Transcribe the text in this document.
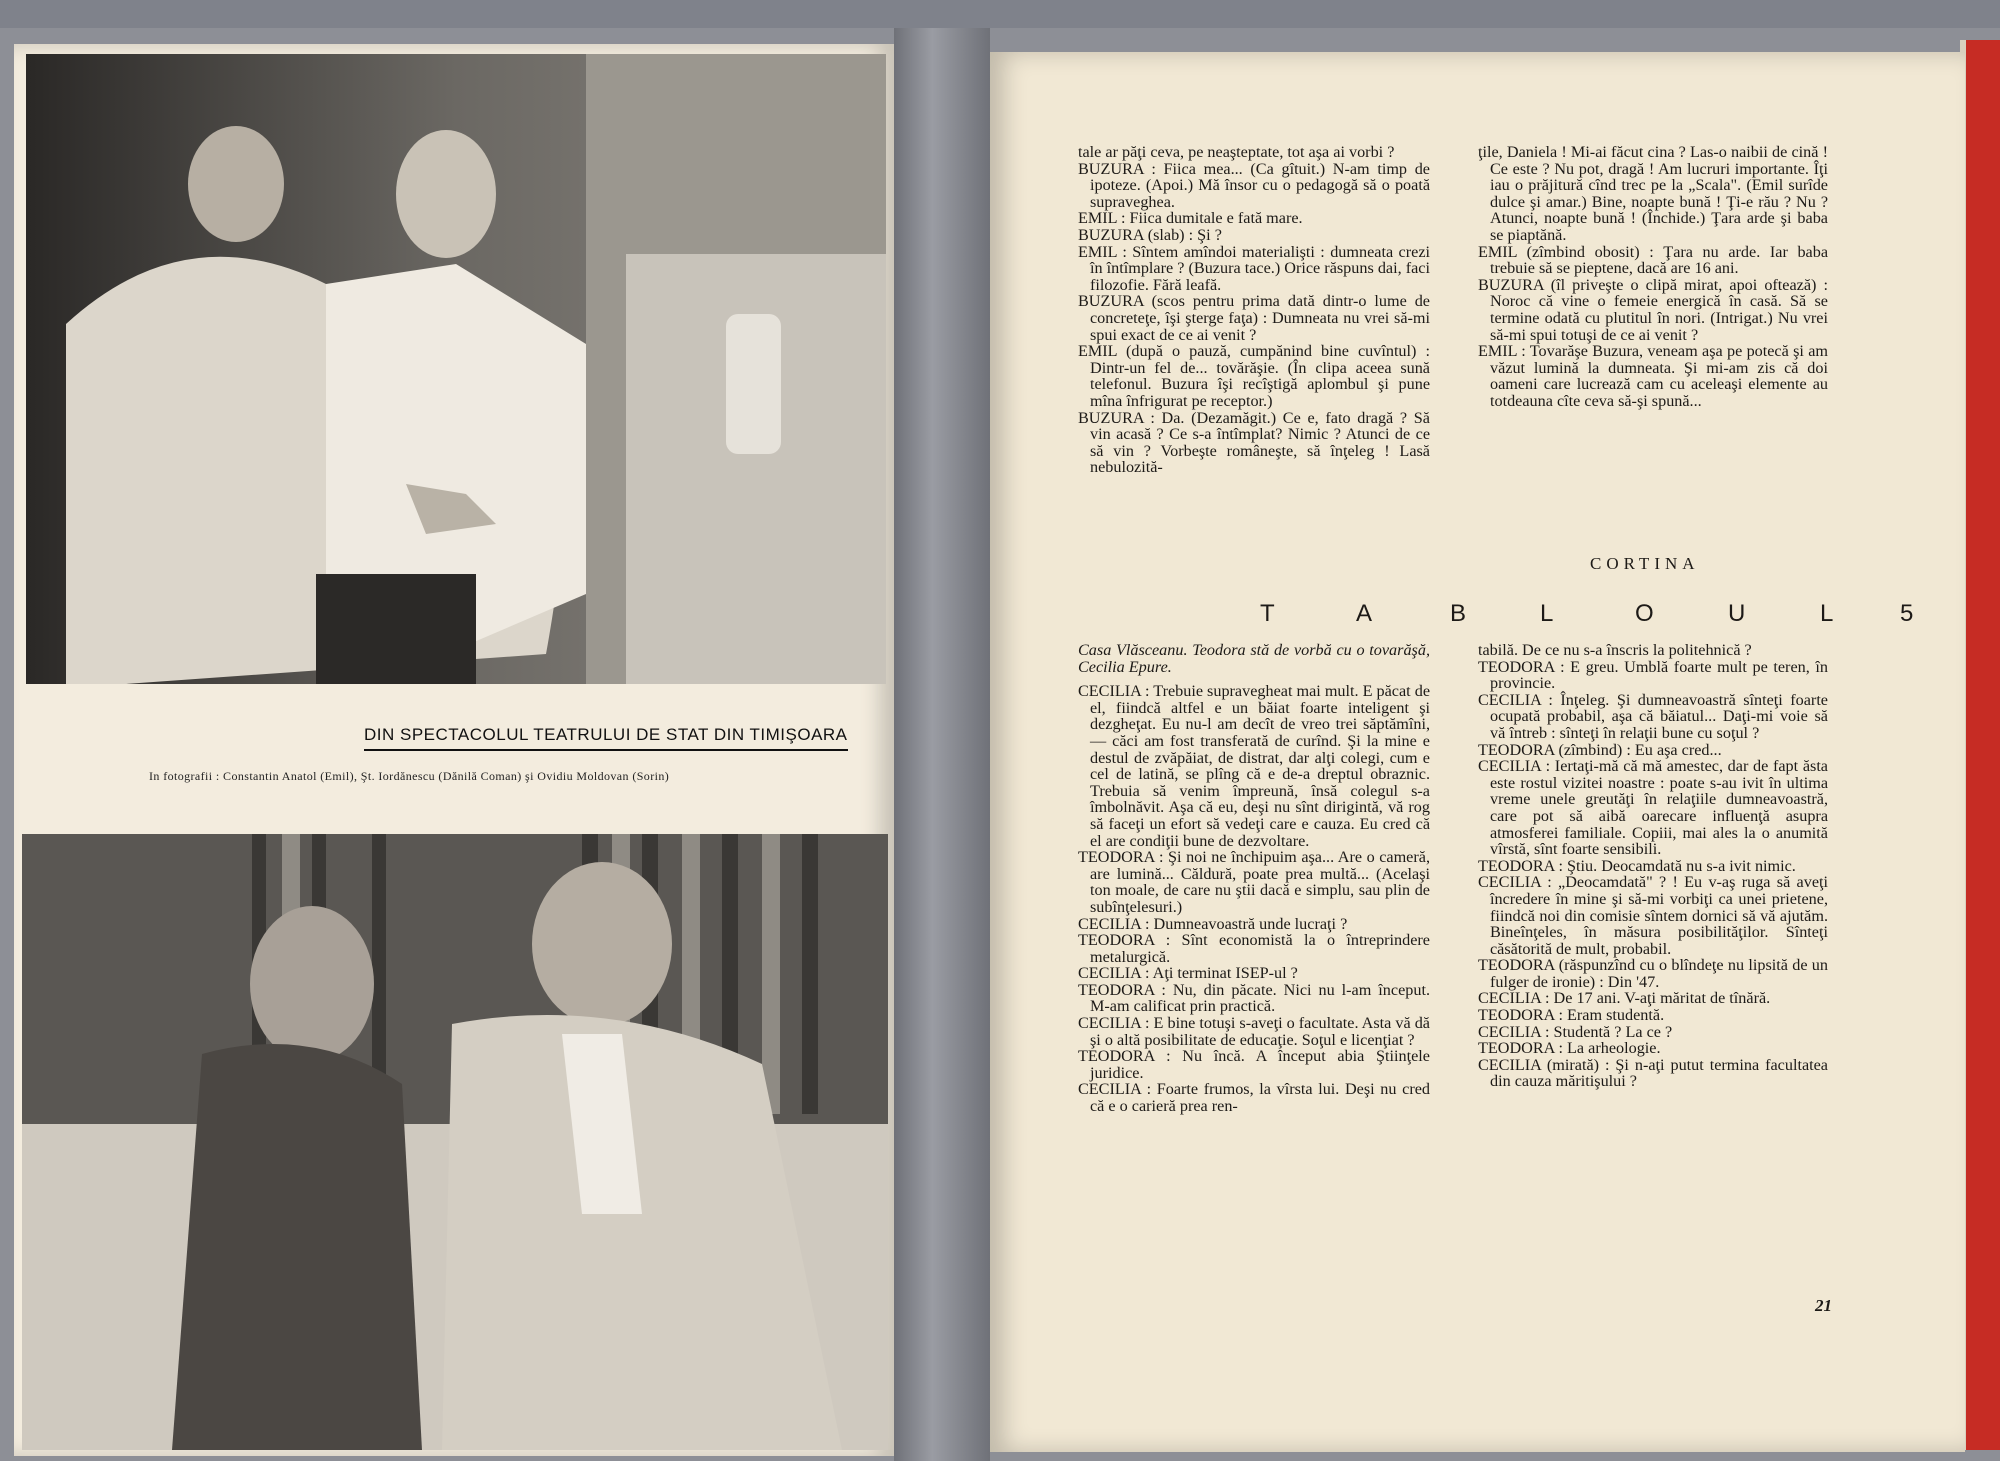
DIN SPECTACOLUL TEATRULUI DE STAT DIN TIMIŞOARA
In fotografii : Constantin Anatol (Emil), Şt. Iordănescu (Dănilă Coman) şi Ovidiu Moldovan (Sorin)

tale ar păţi ceva, pe neaşteptate, tot aşa ai vorbi ?

BUZURA : Fiica mea... (Ca gîtuit.) N-am timp de ipoteze. (Apoi.) Mă însor cu o pedagogă să o poată supraveghea.

EMIL : Fiica dumitale e fată mare.

BUZURA (slab) : Şi ?

EMIL : Sîntem amîndoi materialişti : dumneata crezi în întîmplare ? (Buzura tace.) Orice răspuns dai, faci filozofie. Fără leafă.

BUZURA (scos pentru prima dată dintr-o lume de concreteţe, îşi şterge faţa) : Dumneata nu vrei să-mi spui exact de ce ai venit ?

EMIL (după o pauză, cumpănind bine cuvîntul) : Dintr-un fel de... tovărăşie. (În clipa aceea sună telefonul. Buzura îşi recîştigă aplombul şi pune mîna înfrigurat pe receptor.)

BUZURA : Da. (Dezamăgit.) Ce e, fato dragă ? Să vin acasă ? Ce s-a întîmplat? Nimic ? Atunci de ce să vin ? Vorbeşte româneşte, să înţeleg ! Lasă nebulozită-

ţile, Daniela ! Mi-ai făcut cina ? Las-o naibii de cină ! Ce este ? Nu pot, dragă ! Am lucruri importante. Îţi iau o prăjitură cînd trec pe la „Scala". (Emil surîde dulce şi amar.) Bine, noapte bună ! Ţi-e rău ? Nu ? Atunci, noapte bună ! (Închide.) Ţara arde şi baba se piaptănă.

EMIL (zîmbind obosit) : Ţara nu arde. Iar baba trebuie să se pieptene, dacă are 16 ani.

BUZURA (îl priveşte o clipă mirat, apoi oftează) : Noroc că vine o femeie energică în casă. Să se termine odată cu plutitul în nori. (Intrigat.) Nu vrei să-mi spui totuşi de ce ai venit ?

EMIL : Tovarăşe Buzura, veneam aşa pe potecă şi am văzut lumină la dumneata. Şi mi-am zis că doi oameni care lucrează cam cu aceleaşi elemente au totdeauna cîte ceva să-şi spună...

CORTINA
T	A	B	L	O	U	L	5

Casa Vlăsceanu. Teodora stă de vorbă cu o tovarăşă, Cecilia Epure.

CECILIA : Trebuie supravegheat mai mult. E păcat de el, fiindcă altfel e un băiat foarte inteligent şi dezgheţat. Eu nu-l am decît de vreo trei săptămîni, — căci am fost transferată de curînd. Şi la mine e destul de zvăpăiat, de distrat, dar alţi colegi, cum e cel de latină, se plîng că e de-a dreptul obraznic. Trebuia să venim împreună, însă colegul s-a îmbolnăvit. Aşa că eu, deşi nu sînt dirigintă, vă rog să faceţi un efort să vedeţi care e cauza. Eu cred că el are condiţii bune de dezvoltare.

TEODORA : Şi noi ne închipuim aşa... Are o cameră, are lumină... Căldură, poate prea multă... (Acelaşi ton moale, de care nu ştii dacă e simplu, sau plin de subînţelesuri.)

CECILIA : Dumneavoastră unde lucraţi ?

TEODORA : Sînt economistă la o întreprindere metalurgică.

CECILIA : Aţi terminat ISEP-ul ?

TEODORA : Nu, din păcate. Nici nu l-am început. M-am calificat prin practică.

CECILIA : E bine totuşi s-aveţi o facultate. Asta vă dă şi o altă posibilitate de educaţie. Soţul e licenţiat ?

TEODORA : Nu încă. A început abia Ştiinţele juridice.

CECILIA : Foarte frumos, la vîrsta lui. Deşi nu cred că e o carieră prea ren-

tabilă. De ce nu s-a înscris la politehnică ?

TEODORA : E greu. Umblă foarte mult pe teren, în provincie.

CECILIA : Înţeleg. Şi dumneavoastră sînteţi foarte ocupată probabil, aşa că băiatul... Daţi-mi voie să vă întreb : sînteţi în relaţii bune cu soţul ?

TEODORA (zîmbind) : Eu aşa cred...

CECILIA : Iertaţi-mă că mă amestec, dar de fapt ăsta este rostul vizitei noastre : poate s-au ivit în ultima vreme unele greutăţi în relaţiile dumneavoastră, care pot să aibă oarecare influenţă asupra atmosferei familiale. Copiii, mai ales la o anumită vîrstă, sînt foarte sensibili.

TEODORA : Ştiu. Deocamdată nu s-a ivit nimic.

CECILIA : „Deocamdată" ? ! Eu v-aş ruga să aveţi încredere în mine şi să-mi vorbiţi ca unei prietene, fiindcă noi din comisie sîntem dornici să vă ajutăm. Bineînţeles, în măsura posibilităţilor. Sînteţi căsătorită de mult, probabil.

TEODORA (răspunzînd cu o blîndeţe nu lipsită de un fulger de ironie) : Din '47.

CECILIA : De 17 ani. V-aţi măritat de tînără.

TEODORA : Eram studentă.

CECILIA : Studentă ? La ce ?

TEODORA : La arheologie.

CECILIA (mirată) : Şi n-aţi putut termina facultatea din cauza măritişului ?

21
